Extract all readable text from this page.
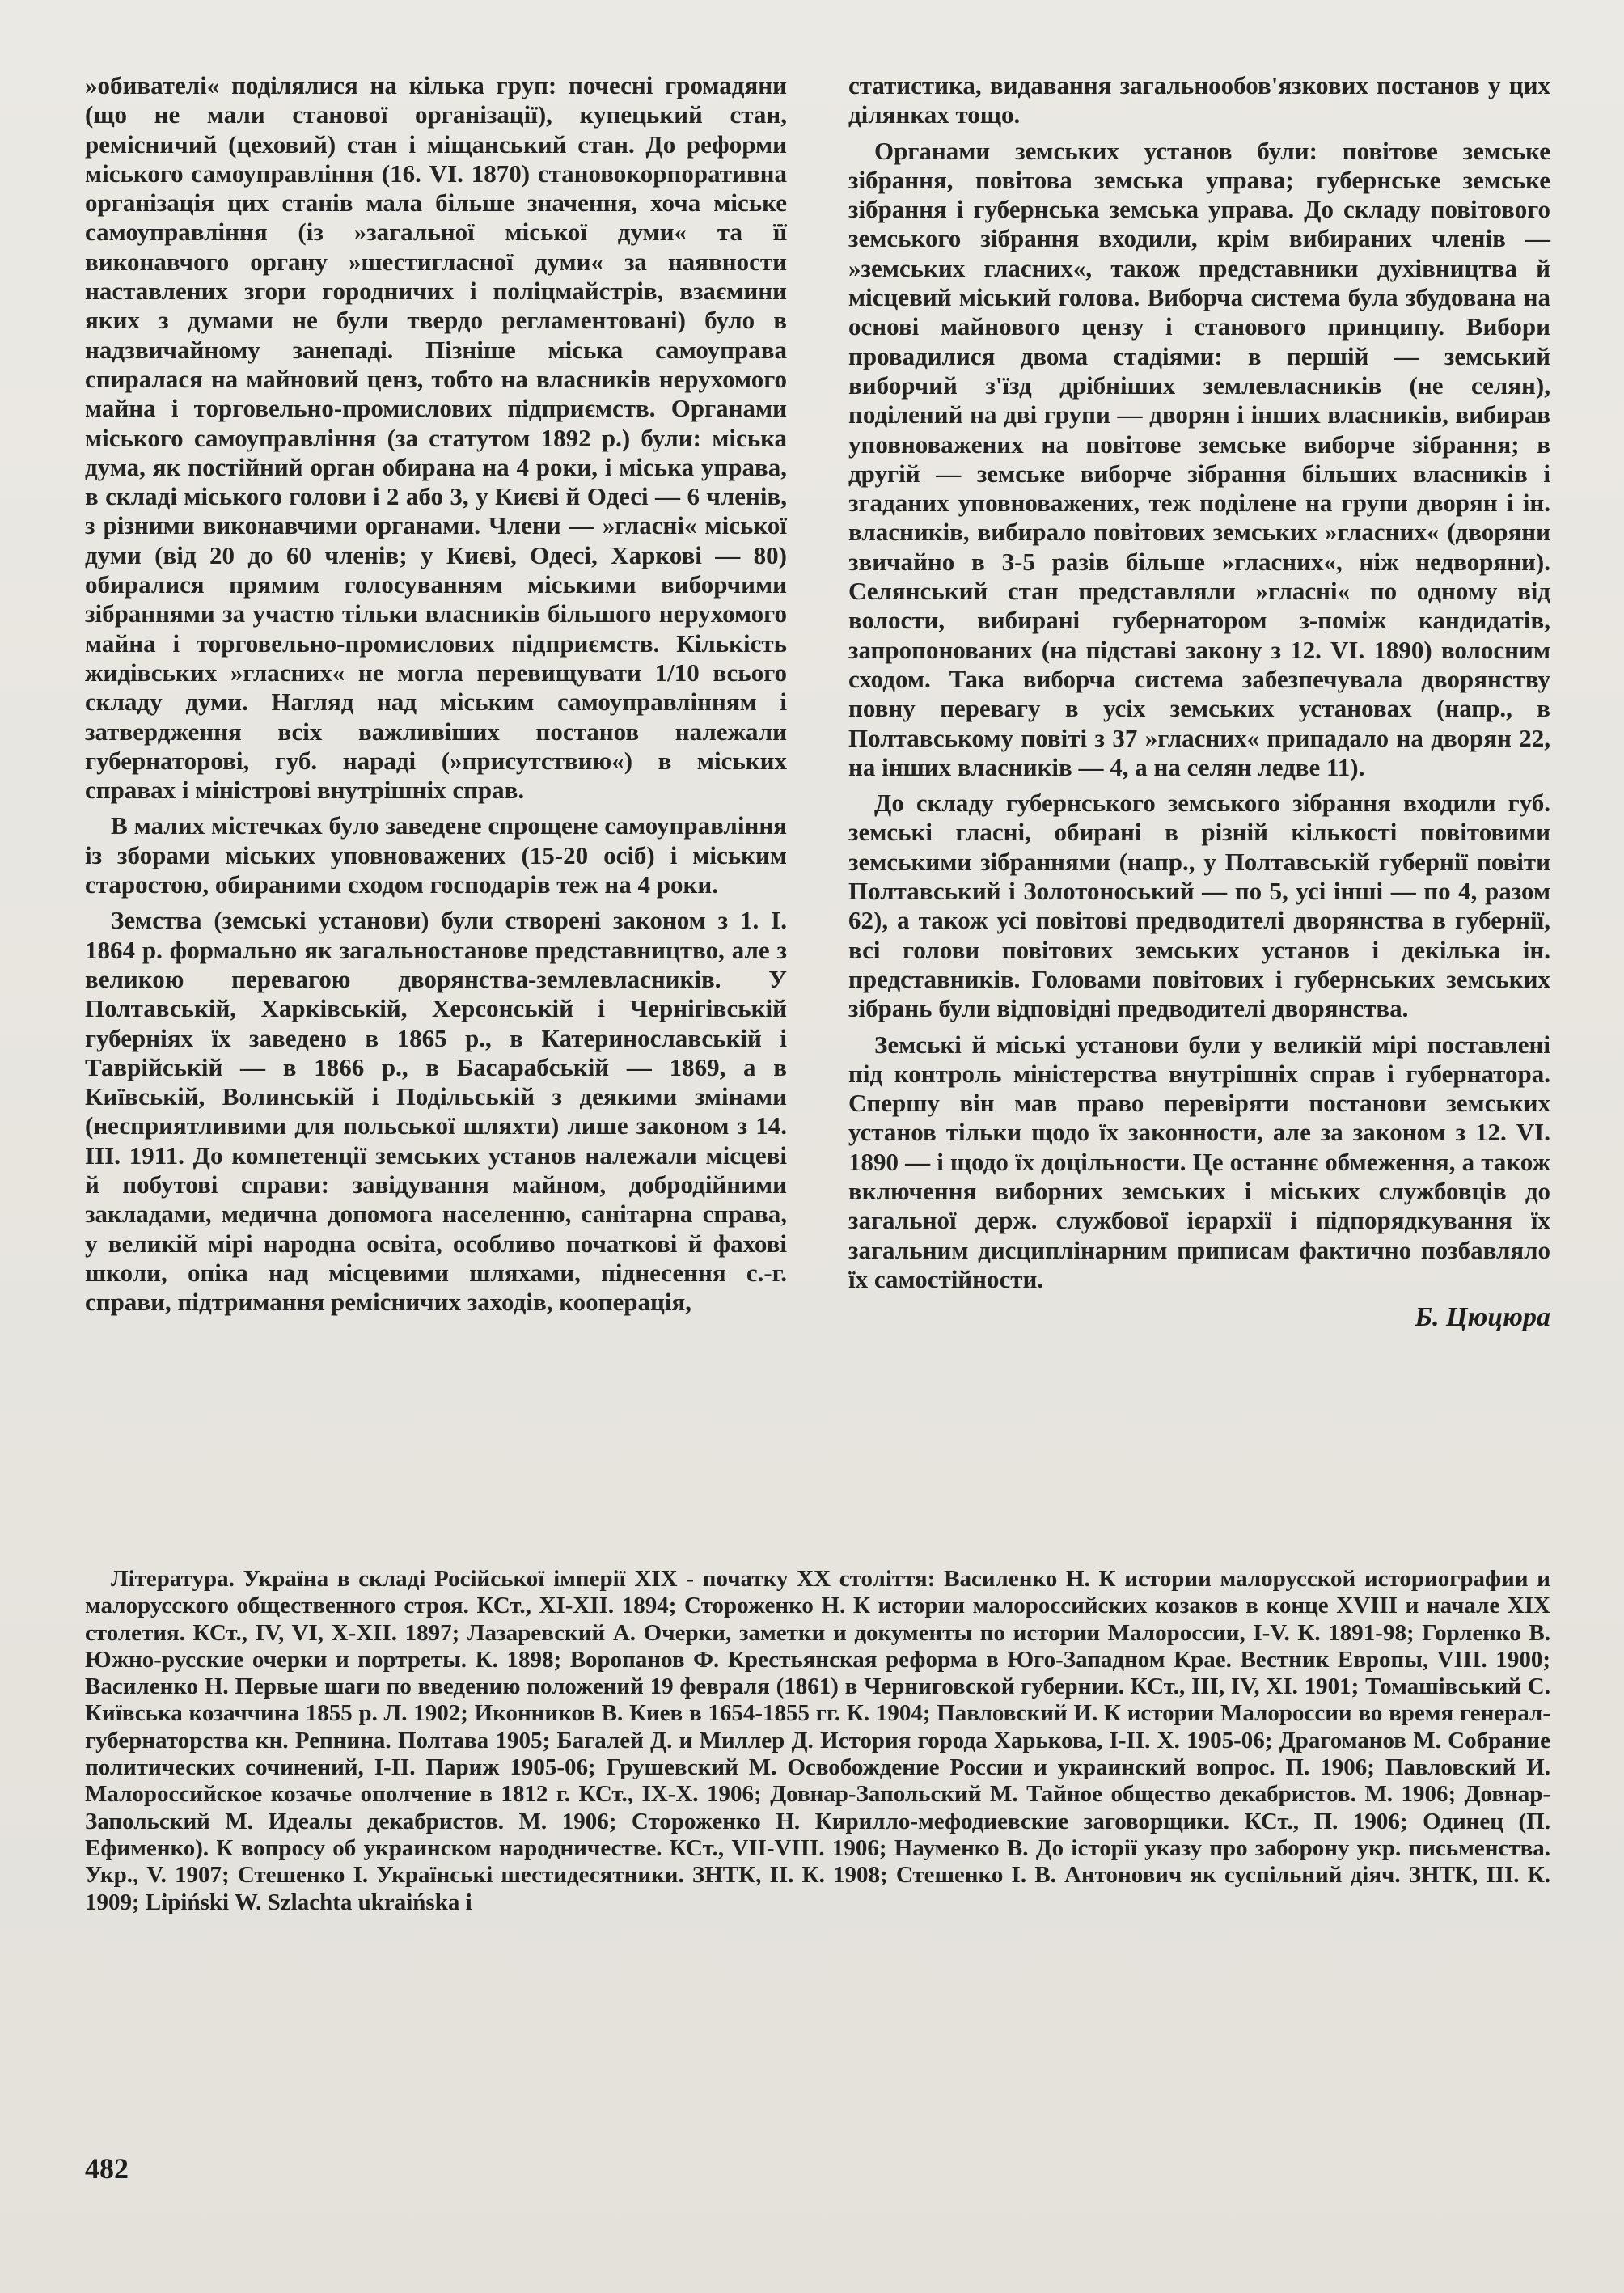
»обивателі« поділялися на кілька груп: почесні громадяни (що не мали станової організації), купецький стан, ремісничий (цеховий) стан і міщанський стан. До реформи міського самоуправління (16. VI. 1870) становокорпоративна організація цих станів мала більше значення, хоча міське самоуправління (із »загальної міської думи« та її виконавчого органу »шестигласної думи« за наявности наставлених згори городничих і поліцмайстрів, взаємини яких з думами не були твердо регламентовані) було в надзвичайному занепаді. Пізніше міська самоуправа спиралася на майновий ценз, тобто на власників нерухомого майна і торговельно-промислових підприємств. Органами міського самоуправління (за статутом 1892 р.) були: міська дума, як постійний орган обирана на 4 роки, і міська управа, в складі міського голови і 2 або 3, у Києві й Одесі — 6 членів, з різними виконавчими органами. Члени — »гласні« міської думи (від 20 до 60 членів; у Києві, Одесі, Харкові — 80) обиралися прямим голосуванням міськими виборчими зібраннями за участю тільки власників більшого нерухомого майна і торговельно-промислових підприємств. Кількість жидівських »гласних« не могла перевищувати 1/10 всього складу думи. Нагляд над міським самоуправлінням і затвердження всіх важливіших постанов належали губернаторові, губ. нараді (»присутствию«) в міських справах і міністрові внутрішніх справ.

В малих містечках було заведене спрощене самоуправління із зборами міських уповноважених (15-20 осіб) і міським старостою, обираними сходом господарів теж на 4 роки.

Земства (земські установи) були створені законом з 1. I. 1864 р. формально як загальностанове представництво, але з великою перевагою дворянства-землевласників. У Полтавській, Харківській, Херсонській і Чернігівській губерніях їх заведено в 1865 р., в Катеринославській і Таврійській — в 1866 р., в Басарабській — 1869, а в Київській, Волинській і Подільській з деякими змінами (несприятливими для польської шляхти) лише законом з 14. III. 1911. До компетенції земських установ належали місцеві й побутові справи: завідування майном, добродійними закладами, медична допомога населенню, санітарна справа, у великій мірі народна освіта, особливо початкові й фахові школи, опіка над місцевими шляхами, піднесення с.-г. справи, підтримання ремісничих заходів, кооперація,

статистика, видавання загальнообов'язкових постанов у цих ділянках тощо.

Органами земських установ були: повітове земське зібрання, повітова земська управа; губернське земське зібрання і губернська земська управа. До складу повітового земського зібрання входили, крім вибираних членів — »земських гласних«, також представники духівництва й місцевий міський голова. Виборча система була збудована на основі майнового цензу і станового принципу. Вибори провадилися двома стадіями: в першій — земський виборчий з'їзд дрібніших землевласників (не селян), поділений на дві групи — дворян і інших власників, вибирав уповноважених на повітове земське виборче зібрання; в другій — земське виборче зібрання більших власників і згаданих уповноважених, теж поділене на групи дворян і ін. власників, вибирало повітових земських »гласних« (дворяни звичайно в 3-5 разів більше »гласних«, ніж недворяни). Селянський стан представляли »гласні« по одному від волости, вибирані губернатором з-поміж кандидатів, запропонованих (на підставі закону з 12. VI. 1890) волосним сходом. Така виборча система забезпечувала дворянству повну перевагу в усіх земських установах (напр., в Полтавському повіті з 37 »гласних« припадало на дворян 22, на інших власників — 4, а на селян ледве 11).

До складу губернського земського зібрання входили губ. земські гласні, обирані в різній кількості повітовими земськими зібраннями (напр., у Полтавській губернії повіти Полтавський і Золотоноський — по 5, усі інші — по 4, разом 62), а також усі повітові предводителі дворянства в губернії, всі голови повітових земських установ і декілька ін. представників. Головами повітових і губернських земських зібрань були відповідні предводителі дворянства.

Земські й міські установи були у великій мірі поставлені під контроль міністерства внутрішніх справ і губернатора. Спершу він мав право перевіряти постанови земських установ тільки щодо їх законности, але за законом з 12. VI. 1890 — і щодо їх доцільности. Це останнє обмеження, а також включення виборних земських і міських службовців до загальної держ. службової ієрархії і підпорядкування їх загальним дисциплінарним приписам фактично позбавляло їх самостійности.

Б. Цюцюра

Література. Україна в складі Російської імперії XIX - початку XX століття: Василенко Н. К истории малорусской историографии и малорусского общественного строя. КСт., XI-XII. 1894; Стороженко Н. К истории малороссийских козаков в конце XVIII и начале XIX столетия. КСт., IV, VI, X-XII. 1897; Лазаревский А. Очерки, заметки и документы по истории Малороссии, I-V. К. 1891-98; Горленко В. Южно-русские очерки и портреты. К. 1898; Воропанов Ф. Крестьянская реформа в Юго-Западном Крае. Вестник Европы, VIII. 1900; Василенко Н. Первые шаги по введению положений 19 февраля (1861) в Черниговской губернии. КСт., III, IV, XI. 1901; Томашівський С. Київська козаччина 1855 р. Л. 1902; Иконников В. Киев в 1654-1855 гг. К. 1904; Павловский И. К истории Малороссии во время генерал-губернаторства кн. Репнина. Полтава 1905; Багалей Д. и Миллер Д. История города Харькова, I-II. Х. 1905-06; Драгоманов М. Собрание политических сочинений, I-II. Париж 1905-06; Грушевский М. Освобождение России и украинский вопрос. П. 1906; Павловский И. Малороссийское козачье ополчение в 1812 г. КСт., IX-X. 1906; Довнар-Запольский М. Тайное общество декабристов. М. 1906; Довнар-Запольский М. Идеалы декабристов. М. 1906; Стороженко Н. Кирилло-мефодиевские заговорщики. КСт., П. 1906; Одинец (П. Ефименко). К вопросу об украинском народничестве. КСт., VII-VIII. 1906; Науменко В. До історії указу про заборону укр. письменства. Укр., V. 1907; Стешенко І. Українські шестидесятники. ЗНТК, II. К. 1908; Стешенко І. В. Антонович як суспільний діяч. ЗНТК, III. К. 1909; Lipiński W. Szlachta ukraińska i

482
